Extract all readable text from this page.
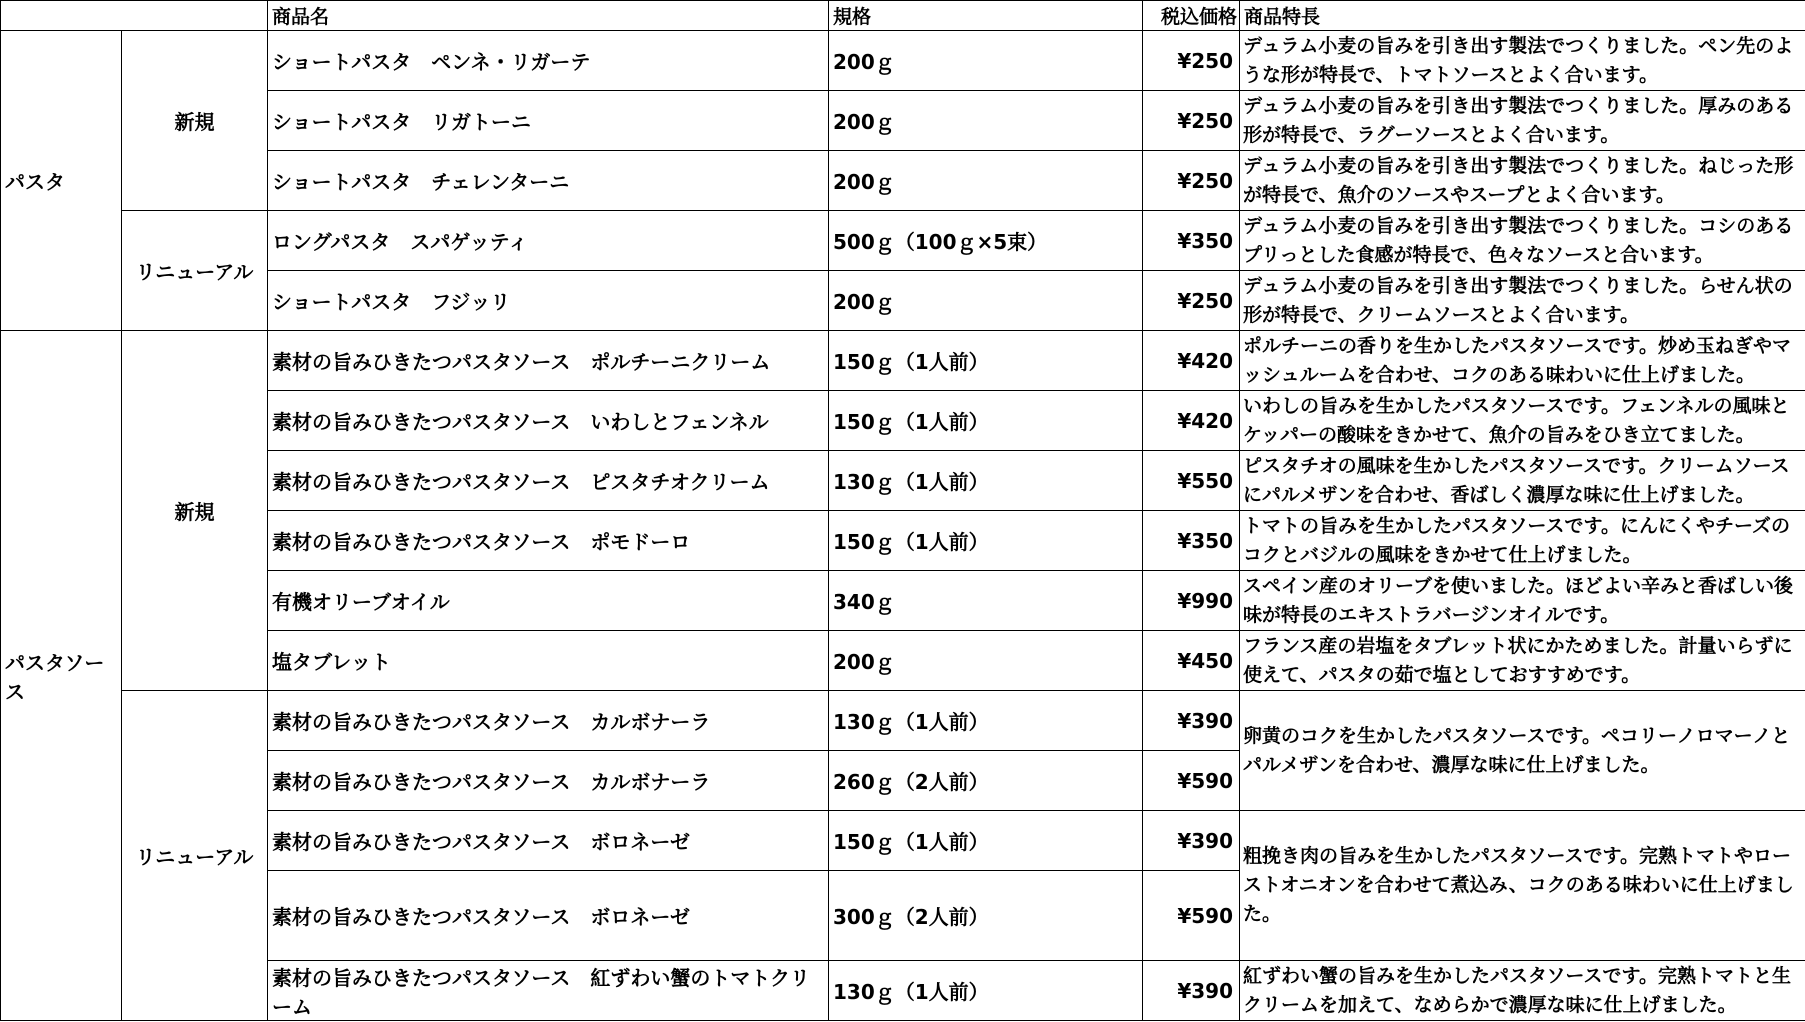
		商品名	規格	税込価格	商品特長
パスタ	新規	ショートパスタ　ペンネ・リガーテ	200ｇ	¥250	デュラム小麦の旨みを引き出す製法でつくりました。ペン先のような形が特長で、トマトソースとよく合います。
		ショートパスタ　リガトーニ	200ｇ	¥250	デュラム小麦の旨みを引き出す製法でつくりました。厚みのある形が特長で、ラグーソースとよく合います。
		ショートパスタ　チェレンターニ	200ｇ	¥250	デュラム小麦の旨みを引き出す製法でつくりました。ねじった形が特長で、魚介のソースやスープとよく合います。
	リニューアル	ロングパスタ　スパゲッティ	500ｇ（100ｇ×5束）	¥350	デュラム小麦の旨みを引き出す製法でつくりました。コシのあるプリっとした食感が特長で、色々なソースと合います。
		ショートパスタ　フジッリ	200ｇ	¥250	デュラム小麦の旨みを引き出す製法でつくりました。らせん状の形が特長で、クリームソースとよく合います。
パスタソース	新規	素材の旨みひきたつパスタソース　ポルチーニクリーム	150ｇ（1人前）	¥420	ポルチーニの香りを生かしたパスタソースです。炒め玉ねぎやマッシュルームを合わせ、コクのある味わいに仕上げました。
		素材の旨みひきたつパスタソース　いわしとフェンネル	150ｇ（1人前）	¥420	いわしの旨みを生かしたパスタソースです。フェンネルの風味とケッパーの酸味をきかせて、魚介の旨みをひき立てました。
		素材の旨みひきたつパスタソース　ピスタチオクリーム	130ｇ（1人前）	¥550	ピスタチオの風味を生かしたパスタソースです。クリームソースにパルメザンを合わせ、香ばしく濃厚な味に仕上げました。
		素材の旨みひきたつパスタソース　ポモドーロ	150ｇ（1人前）	¥350	トマトの旨みを生かしたパスタソースです。にんにくやチーズのコクとバジルの風味をきかせて仕上げました。
		有機オリーブオイル	340ｇ	¥990	スペイン産のオリーブを使いました。ほどよい辛みと香ばしい後味が特長のエキストラバージンオイルです。
		塩タブレット	200ｇ	¥450	フランス産の岩塩をタブレット状にかためました。計量いらずに使えて、パスタの茹で塩としておすすめです。
	リニューアル	素材の旨みひきたつパスタソース　カルボナーラ	130ｇ（1人前）	¥390	卵黄のコクを生かしたパスタソースです。ペコリーノロマーノとパルメザンを合わせ、濃厚な味に仕上げました。
		素材の旨みひきたつパスタソース　カルボナーラ	260ｇ（2人前）	¥590	
		素材の旨みひきたつパスタソース　ボロネーゼ	150ｇ（1人前）	¥390	粗挽き肉の旨みを生かしたパスタソースです。完熟トマトやローストオニオンを合わせて煮込み、コクのある味わいに仕上げました。
		素材の旨みひきたつパスタソース　ボロネーゼ	300ｇ（2人前）	¥590	
		素材の旨みひきたつパスタソース　紅ずわい蟹のトマトクリーム	130ｇ（1人前）	¥390	紅ずわい蟹の旨みを生かしたパスタソースです。完熟トマトと生クリームを加えて、なめらかで濃厚な味に仕上げました。
